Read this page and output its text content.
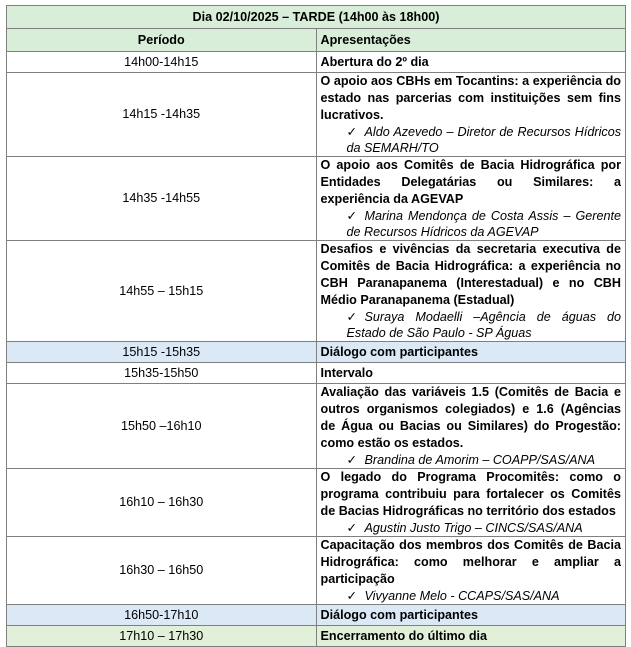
Dia 02/10/2025 – TARDE (14h00 às 18h00)	
Período	Apresentações
14h00-14h15	Abertura do 2º dia
14h15 -14h35	O apoio aos CBHs em Tocantins: a experiência do estado nas parcerias com instituições sem fins lucrativos.
✓ Aldo Azevedo – Diretor de Recursos Hídricos da SEMARH/TO

14h35 -14h55	O apoio aos Comitês de Bacia Hidrográfica por Entidades Delegatárias ou Similares: a experiência da AGEVAP
✓ Marina Mendonça de Costa Assis – Gerente de Recursos Hídricos da AGEVAP

14h55 – 15h15	Desafios e vivências da secretaria executiva de Comitês de Bacia Hidrográfica: a experiência no CBH Paranapanema (Interestadual) e no CBH Médio Paranapanema (Estadual)
✓ Suraya Modaelli –Agência de águas do Estado de São Paulo - SP Águas

15h15 -15h35	Diálogo com participantes
15h35-15h50	Intervalo
15h50 –16h10	Avaliação das variáveis 1.5 (Comitês de Bacia e outros organismos colegiados) e 1.6 (Agências de Água ou Bacias ou Similares) do Progestão: como estão os estados.
✓ Brandina de Amorim – COAPP/SAS/ANA

16h10 – 16h30	O legado do Programa Procomitês: como o programa contribuiu para fortalecer os Comitês de Bacias Hidrográficas no território dos estados
✓ Agustin Justo Trigo – CINCS/SAS/ANA

16h30 – 16h50	Capacitação dos membros dos Comitês de Bacia Hidrográfica: como melhorar e ampliar a participação
✓ Vivyanne Melo - CCAPS/SAS/ANA

16h50-17h10	Diálogo com participantes
17h10 – 17h30	Encerramento do último dia
